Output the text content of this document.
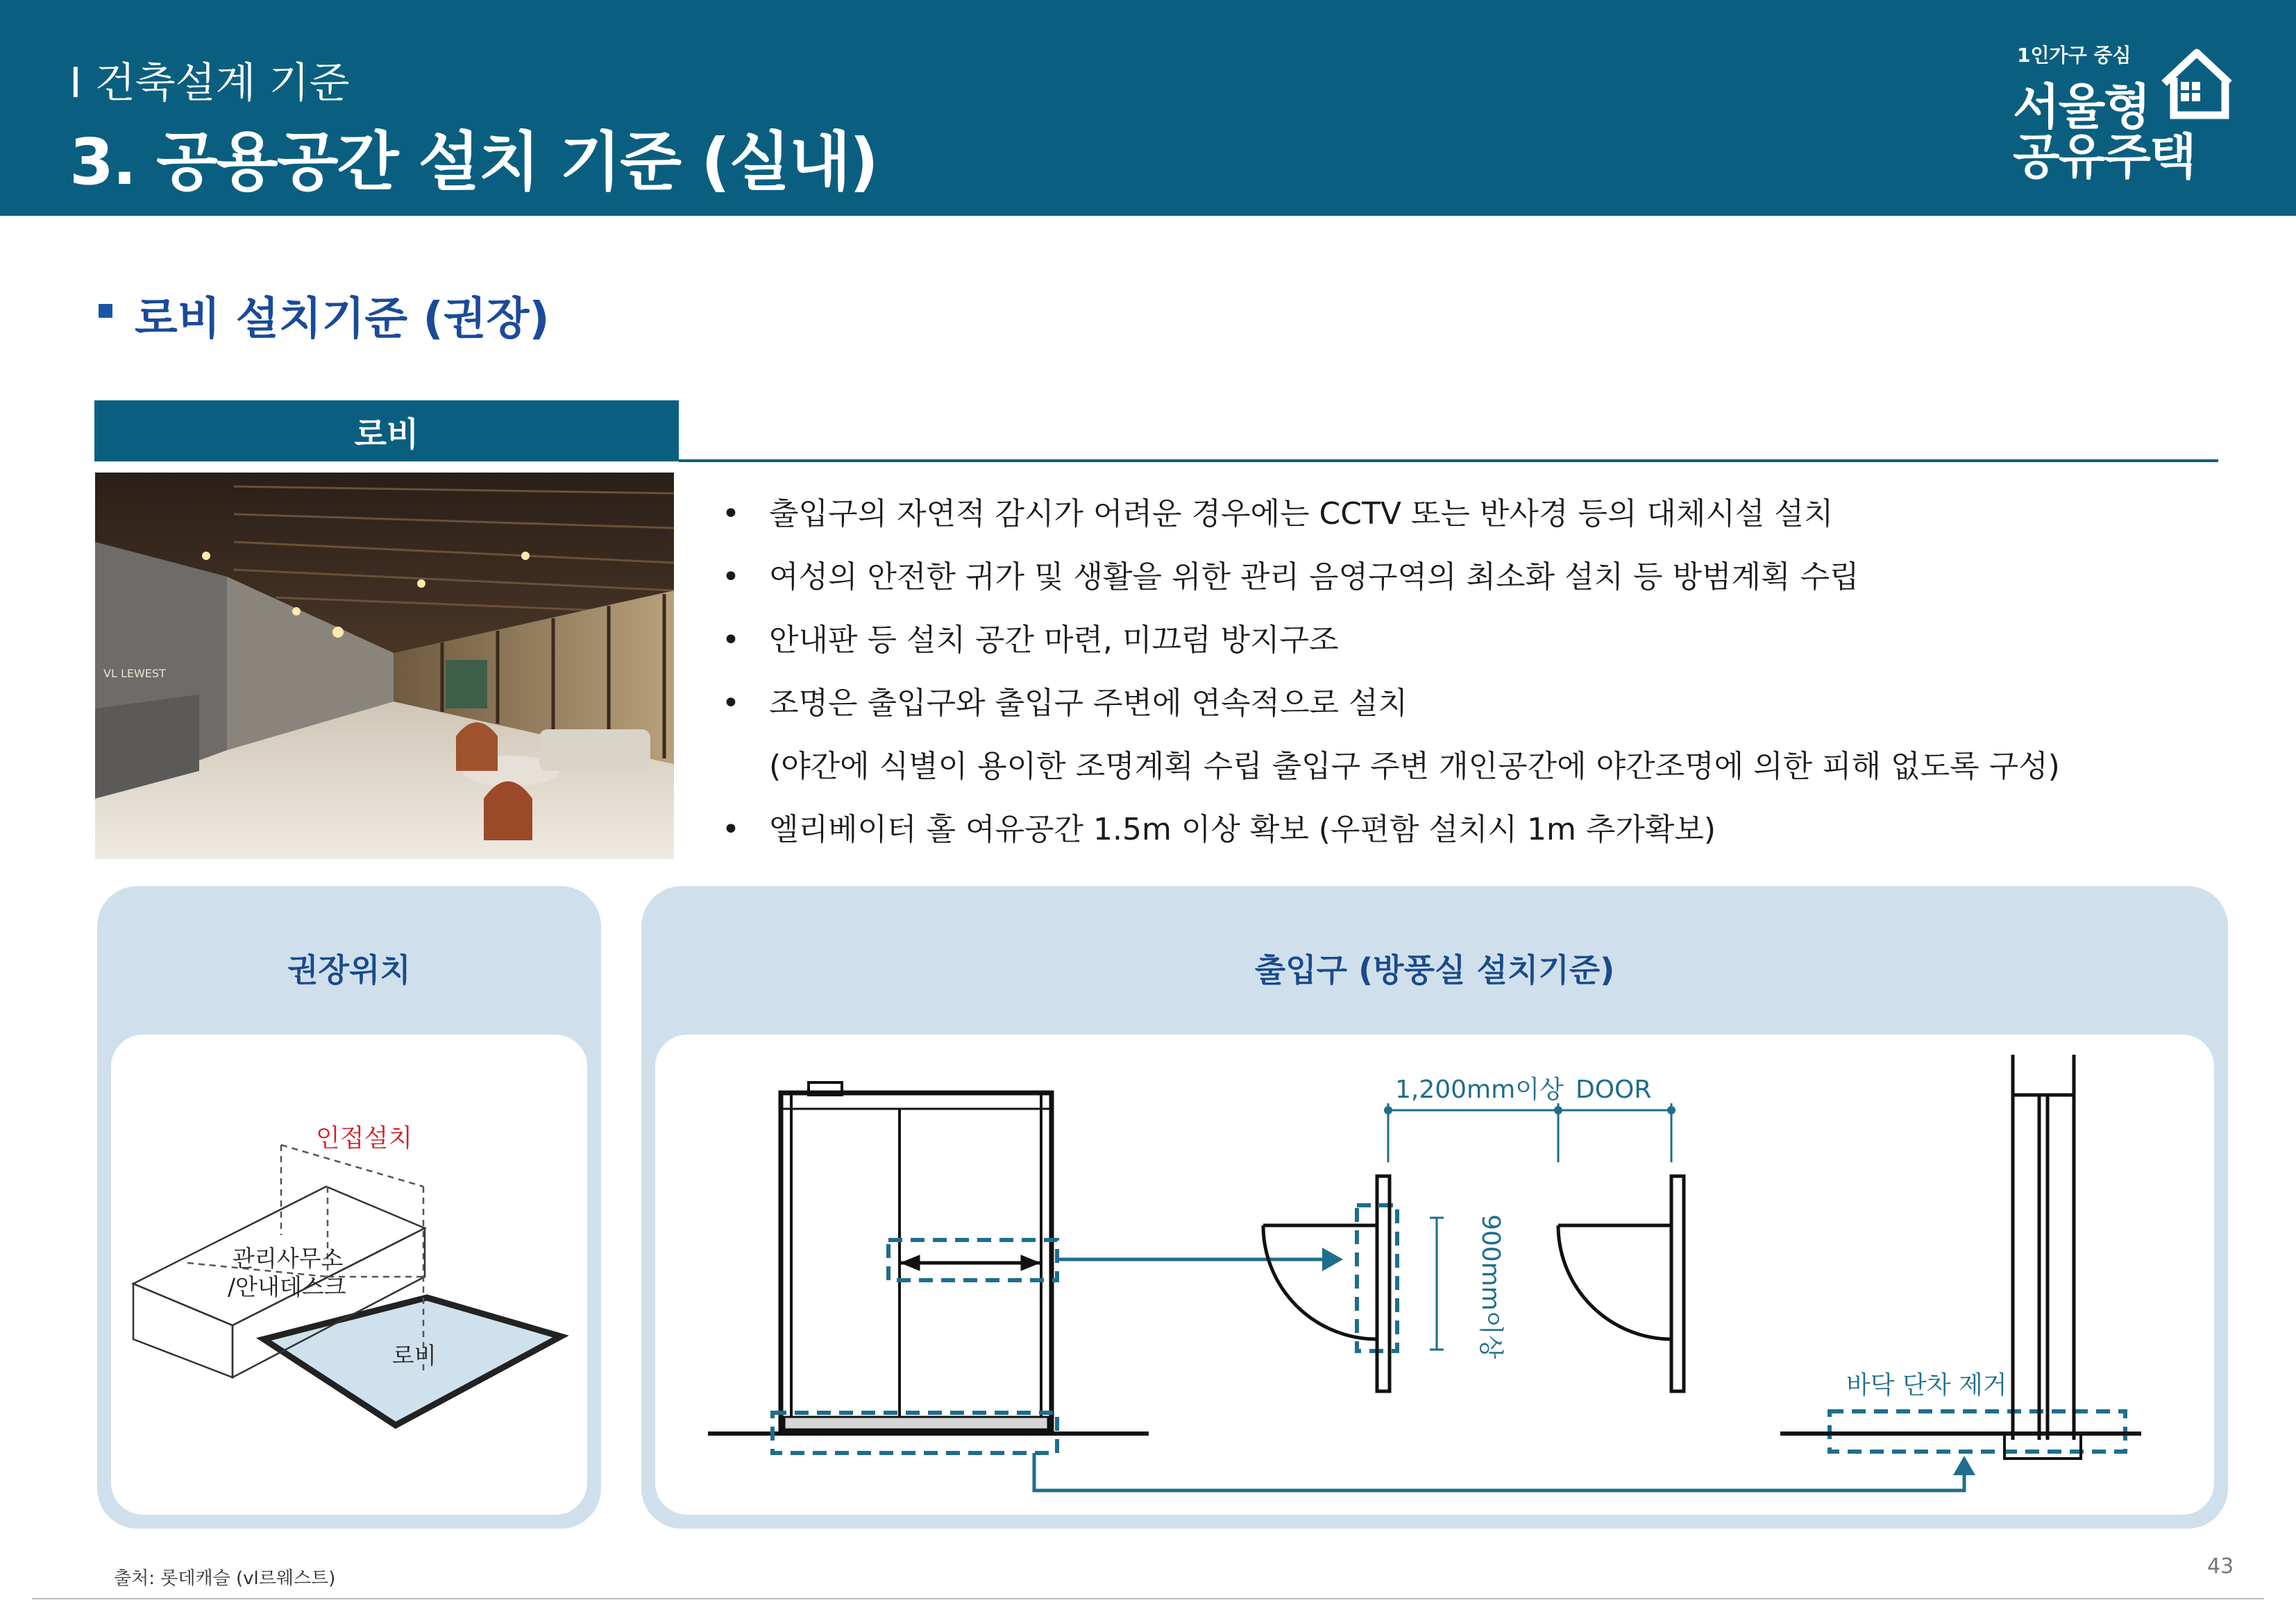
I 건축설계 기준
3. 공용공간 설치 기준 (실내)
1인가구 중심
서울형
공유주택
로비 설치기준 (권장)
로비
VL LEWEST
• 출입구의 자연적 감시가 어려운 경우에는 CCTV 또는 반사경 등의 대체시설 설치
• 여성의 안전한 귀가 및 생활을 위한 관리 음영구역의 최소화 설치 등 방범계획 수립
• 안내판 등 설치 공간 마련, 미끄럼 방지구조
• 조명은 출입구와 출입구 주변에 연속적으로 설치
(야간에 식별이 용이한 조명계획 수립 출입구 주변 개인공간에 야간조명에 의한 피해 없도록 구성)
• 엘리베이터 홀 여유공간 1.5m 이상 확보 (우편함 설치시 1m 추가확보)
권장위치	출입구 (방풍실 설치기준)
인접설치
관리사무소
/안내데스크
로비
1,200mm이상 DOOR
900mm이상
바닥 단차 제거
출처: 롯데캐슬 (vl르웨스트)	43
